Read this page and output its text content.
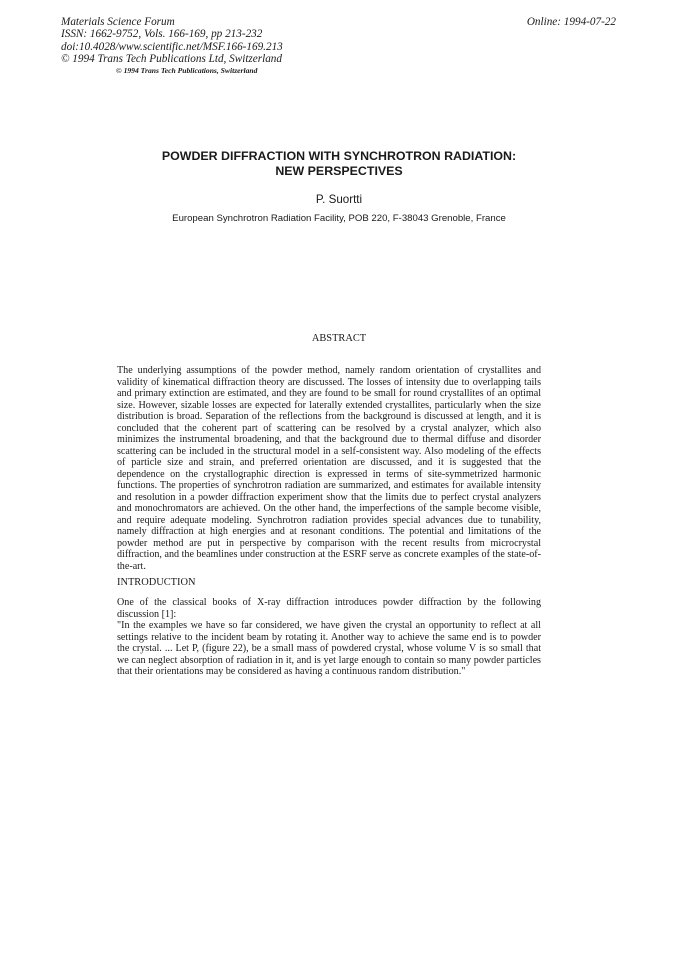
Materials Science Forum
ISSN: 1662-9752, Vols. 166-169, pp 213-232
doi:10.4028/www.scientific.net/MSF.166-169.213
© 1994 Trans Tech Publications Ltd, Switzerland
Online: 1994-07-22
© 1994 Trans Tech Publications, Switzerland
POWDER DIFFRACTION WITH SYNCHROTRON RADIATION:
NEW PERSPECTIVES
P. Suortti
European Synchrotron Radiation Facility, POB 220, F-38043 Grenoble, France
ABSTRACT
The underlying assumptions of the powder method, namely random orientation of crystallites and validity of kinematical diffraction theory are discussed. The losses of intensity due to overlapping tails and primary extinction are estimated, and they are found to be small for round crystallites of an optimal size. However, sizable losses are expected for laterally extended crystallites, particularly when the size distribution is broad. Separation of the reflections from the background is discussed at length, and it is concluded that the coherent part of scattering can be resolved by a crystal analyzer, which also minimizes the instrumental broadening, and that the background due to thermal diffuse and disorder scattering can be included in the structural model in a self-consistent way. Also modeling of the effects of particle size and strain, and preferred orientation are discussed, and it is suggested that the dependence on the crystallographic direction is expressed in terms of site-symmetrized harmonic functions. The properties of synchrotron radiation are summarized, and estimates for available intensity and resolution in a powder diffraction experiment show that the limits due to perfect crystal analyzers and monochromators are achieved. On the other hand, the imperfections of the sample become visible, and require adequate modeling. Synchrotron radiation provides special advances due to tunability, namely diffraction at high energies and at resonant conditions. The potential and limitations of the powder method are put in perspective by comparison with the recent results from microcrystal diffraction, and the beamlines under construction at the ESRF serve as concrete examples of the state-of-the-art.
INTRODUCTION

One of the classical books of X-ray diffraction introduces powder diffraction by the following discussion [1]:

"In the examples we have so far considered, we have given the crystal an opportunity to reflect at all settings relative to the incident beam by rotating it. Another way to achieve the same end is to powder the crystal. ... Let P, (figure 22), be a small mass of powdered crystal, whose volume V is so small that we can neglect absorption of radiation in it, and is yet large enough to contain so many powder particles that their orientations may be considered as having a continuous random distribution."
